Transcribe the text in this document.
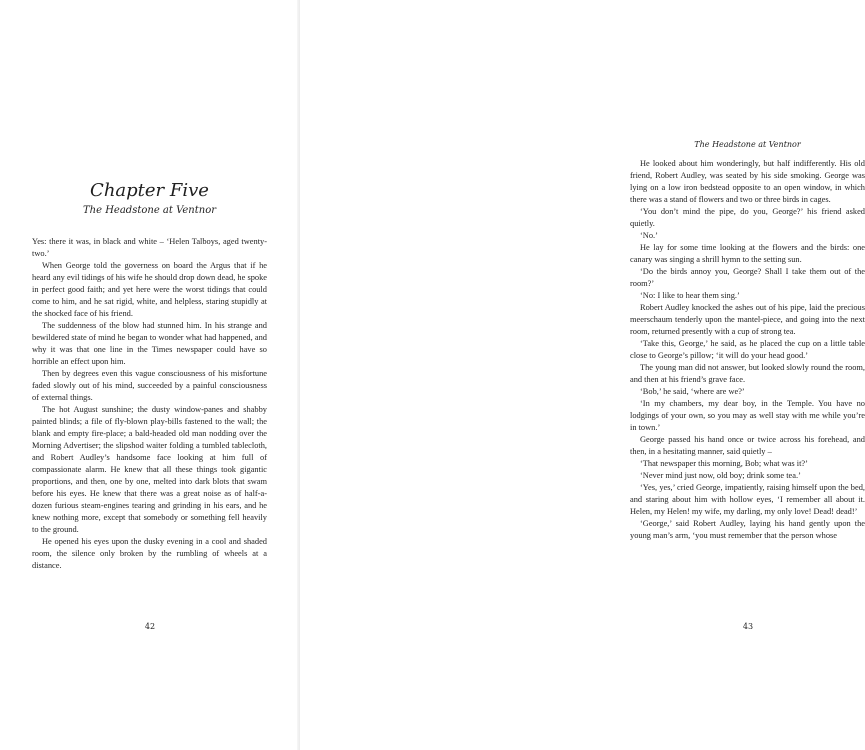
Chapter Five
The Headstone at Ventnor

Yes: there it was, in black and white – ‘Helen Talboys, aged twenty-two.’

When George told the governess on board the Argus that if he heard any evil tidings of his wife he should drop down dead, he spoke in perfect good faith; and yet here were the worst tidings that could come to him, and he sat rigid, white, and helpless, staring stupidly at the shocked face of his friend.

The suddenness of the blow had stunned him. In his strange and bewildered state of mind he began to wonder what had happened, and why it was that one line in the Times newspaper could have so horrible an effect upon him.

Then by degrees even this vague consciousness of his misfortune faded slowly out of his mind, succeeded by a painful consciousness of external things.

The hot August sunshine; the dusty window-panes and shabby painted blinds; a file of fly-blown play-bills fastened to the wall; the blank and empty fire-place; a bald-headed old man nodding over the Morning Advertiser; the slipshod waiter folding a tumbled tablecloth, and Robert Audley’s handsome face looking at him full of compassionate alarm. He knew that all these things took gigantic proportions, and then, one by one, melted into dark blots that swam before his eyes. He knew that there was a great noise as of half-a-dozen furious steam-engines tearing and grinding in his ears, and he knew nothing more, except that somebody or something fell heavily to the ground.

He opened his eyes upon the dusky evening in a cool and shaded room, the silence only broken by the rumbling of wheels at a distance.

42
The Headstone at Ventnor

He looked about him wonderingly, but half indifferently. His old friend, Robert Audley, was seated by his side smoking. George was lying on a low iron bedstead opposite to an open window, in which there was a stand of flowers and two or three birds in cages.

‘You don’t mind the pipe, do you, George?’ his friend asked quietly.

‘No.’

He lay for some time looking at the flowers and the birds: one canary was singing a shrill hymn to the setting sun.

‘Do the birds annoy you, George? Shall I take them out of the room?’

‘No: I like to hear them sing.’

Robert Audley knocked the ashes out of his pipe, laid the precious meerschaum tenderly upon the mantel-piece, and going into the next room, returned presently with a cup of strong tea.

‘Take this, George,’ he said, as he placed the cup on a little table close to George’s pillow; ‘it will do your head good.’

The young man did not answer, but looked slowly round the room, and then at his friend’s grave face.

‘Bob,’ he said, ‘where are we?’

‘In my chambers, my dear boy, in the Temple. You have no lodgings of your own, so you may as well stay with me while you’re in town.’

George passed his hand once or twice across his forehead, and then, in a hesitating manner, said quietly –

‘That newspaper this morning, Bob; what was it?’

‘Never mind just now, old boy; drink some tea.’

‘Yes, yes,’ cried George, impatiently, raising himself upon the bed, and staring about him with hollow eyes, ‘I remember all about it. Helen, my Helen! my wife, my darling, my only love! Dead! dead!’

‘George,’ said Robert Audley, laying his hand gently upon the young man’s arm, ‘you must remember that the person whose

43
